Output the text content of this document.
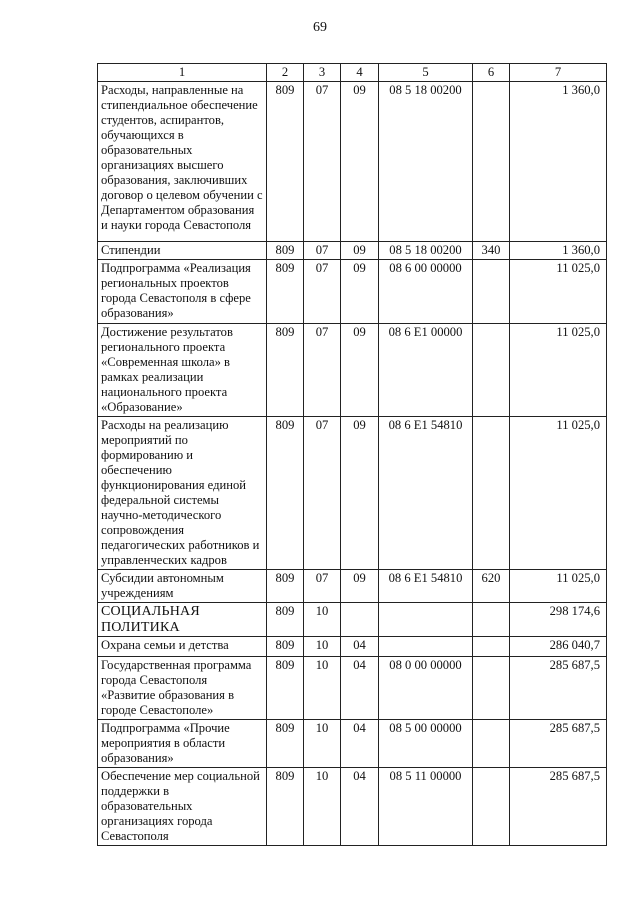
69
1	2	3	4	5	6	7
Расходы, направленные на стипендиальное обеспечение студентов, аспирантов, обучающихся в образовательных организациях высшего образования, заключивших договор о целевом обучении с Департаментом образования и науки города Севастополя	809	07	09	08 5 18 00200		1 360,0
Стипендии	809	07	09	08 5 18 00200	340	1 360,0
Подпрограмма «Реализация региональных проектов города Севастополя в сфере образования»	809	07	09	08 6 00 00000		11 025,0
Достижение результатов регионального проекта «Современная школа» в рамках реализации национального проекта «Образование»	809	07	09	08 6 E1 00000		11 025,0
Расходы на реализацию мероприятий по формированию и обеспечению функционирования единой федеральной системы научно-методического сопровождения педагогических работников и управленческих кадров	809	07	09	08 6 E1 54810		11 025,0
Субсидии автономным учреждениям	809	07	09	08 6 E1 54810	620	11 025,0
СОЦИАЛЬНАЯ ПОЛИТИКА	809	10				298 174,6
Охрана семьи и детства	809	10	04			286 040,7
Государственная программа города Севастополя «Развитие образования в городе Севастополе»	809	10	04	08 0 00 00000		285 687,5
Подпрограмма «Прочие мероприятия в области образования»	809	10	04	08 5 00 00000		285 687,5
Обеспечение мер социальной поддержки в образовательных организациях города Севастополя	809	10	04	08 5 11 00000		285 687,5
